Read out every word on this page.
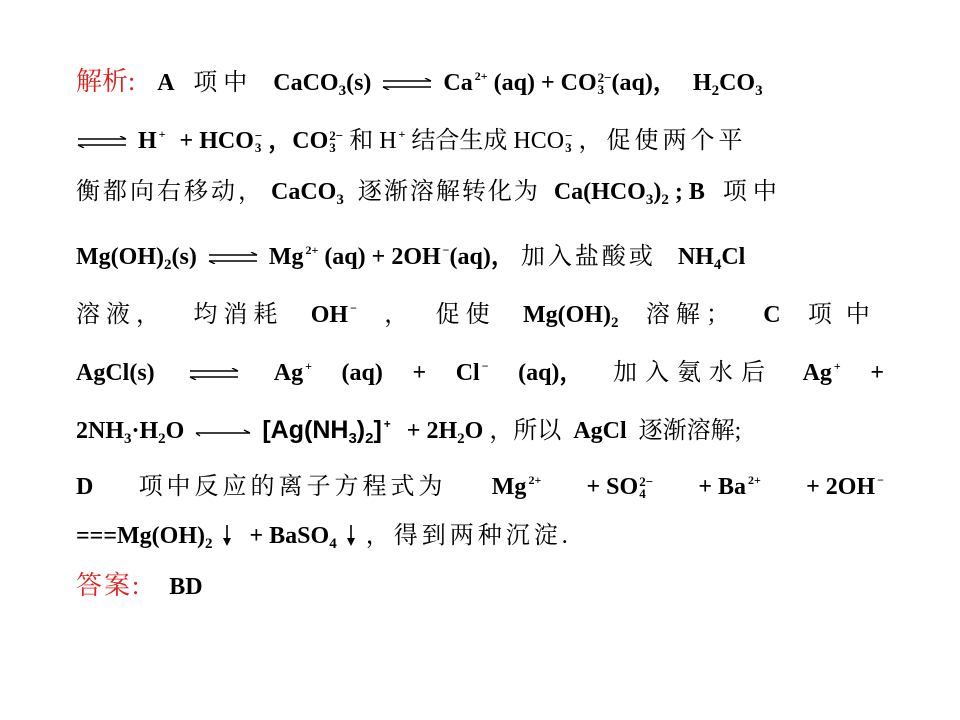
解析: A 项中 CaCO$_3$(s) ⇌ Ca $^{2+}$ (aq) + CO 2−
3 (aq)， $H_2CO_3$
⇌ H + + HCO −
3 ，CO 2−
3 和 H + 结合生成 HCO −
3 ，促使两个平
衡都向右移动， CaCO$_3$ 逐渐溶解转化为 $Ca(HCO_3)_2$ ; B 项中
$Mg(OH)_2(s)$ ⇌ Mg $^{2+}$ (aq) + 2OH −(aq)， 加入盐酸或 $NH_4Cl$
溶液， 均消耗 OH − ， 促使 $Mg(OH)_2$ 溶解； C 项中
AgCl(s) ⇌ Ag + (aq) + Cl − (aq)， 加入氨水后 Ag + +
$2NH_3\cdot H_2O$	$[Ag(NH_3)_2] ^+ + 2H_2O$ ，所以 AgCl 逐渐溶解;
D 项中反应的离子方程式为 Mg $^{2+}$ + SO 2−
4	+ Ba $^{2+}$ + 2OH −
$===Mg(OH)_2$ + BaSO$_4$ ，得到两种沉淀.
答案: BD
